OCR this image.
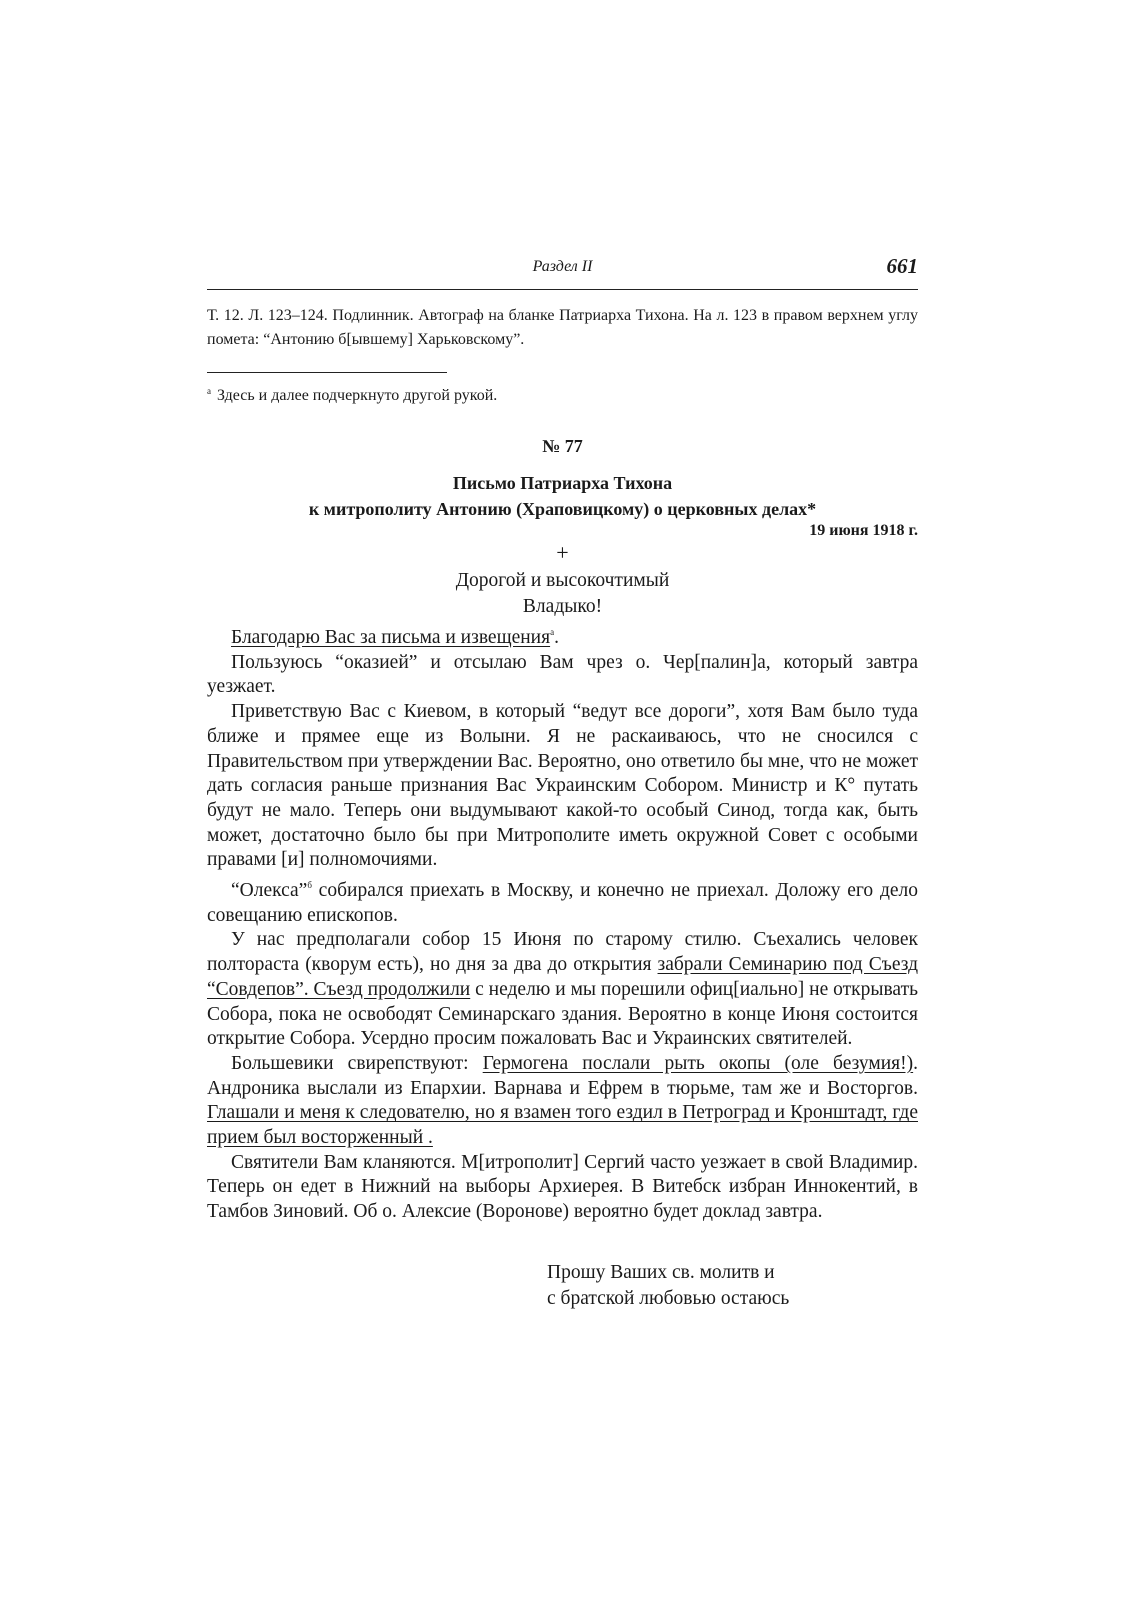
Раздел II	661
Т. 12. Л. 123–124. Подлинник. Автограф на бланке Патриарха Тихона. На л. 123 в правом верхнем углу помета: “Антонию б[ывшему] Харьковскому”.
$^а$ Здесь и далее подчеркнуто другой рукой.
№ 77
Письмо Патриарха Тихона
к митрополиту Антонию (Храповицкому) о церковных делах*
19 июня 1918 г.
+
Дорогой и высокочтимый
Владыко!

Благодарю Вас за письма и извещения$^а$.

Пользуюсь “оказией” и отсылаю Вам чрез о. Чер[палин]а, который завтра уезжает.

Приветствую Вас с Киевом, в который “ведут все дороги”, хотя Вам было туда ближе и прямее еще из Волыни. Я не раскаиваюсь, что не сносился с Правительством при утверждении Вас. Вероятно, оно ответило бы мне, что не может дать согласия раньше признания Вас Украинским Собором. Министр и К° путать будут не мало. Теперь они выдумывают какой-то особый Синод, тогда как, быть может, достаточно было бы при Митрополите иметь окружной Совет с особыми правами [и] полномочиями.

“Олекса”$^б$ собирался приехать в Москву, и конечно не приехал. Доложу его дело совещанию епископов.

У нас предполагали собор 15 Июня по старому стилю. Съехались человек полтораста (кворум есть), но дня за два до открытия забрали Семинарию под Съезд “Совдепов”. Съезд продолжили с неделю и мы порешили офиц[иально] не открывать Собора, пока не освободят Семинарскаго здания. Вероятно в конце Июня состоится открытие Собора. Усердно просим пожаловать Вас и Украинских святителей.

Большевики свирепствуют: Гермогена послали рыть окопы (оле безумия!). Андроника выслали из Епархии. Варнава и Ефрем в тюрьме, там же и Восторгов. Глашали и меня к следователю, но я взамен того ездил в Петроград и Кронштадт, где прием был восторженный .

Святители Вам кланяются. М[итрополит] Сергий часто уезжает в свой Владимир. Теперь он едет в Нижний на выборы Архиерея. В Витебск избран Иннокентий, в Тамбов Зиновий. Об о. Алексие (Воронове) вероятно будет доклад завтра.

Прошу Ваших св. молитв и
с братской любовью остаюсь
